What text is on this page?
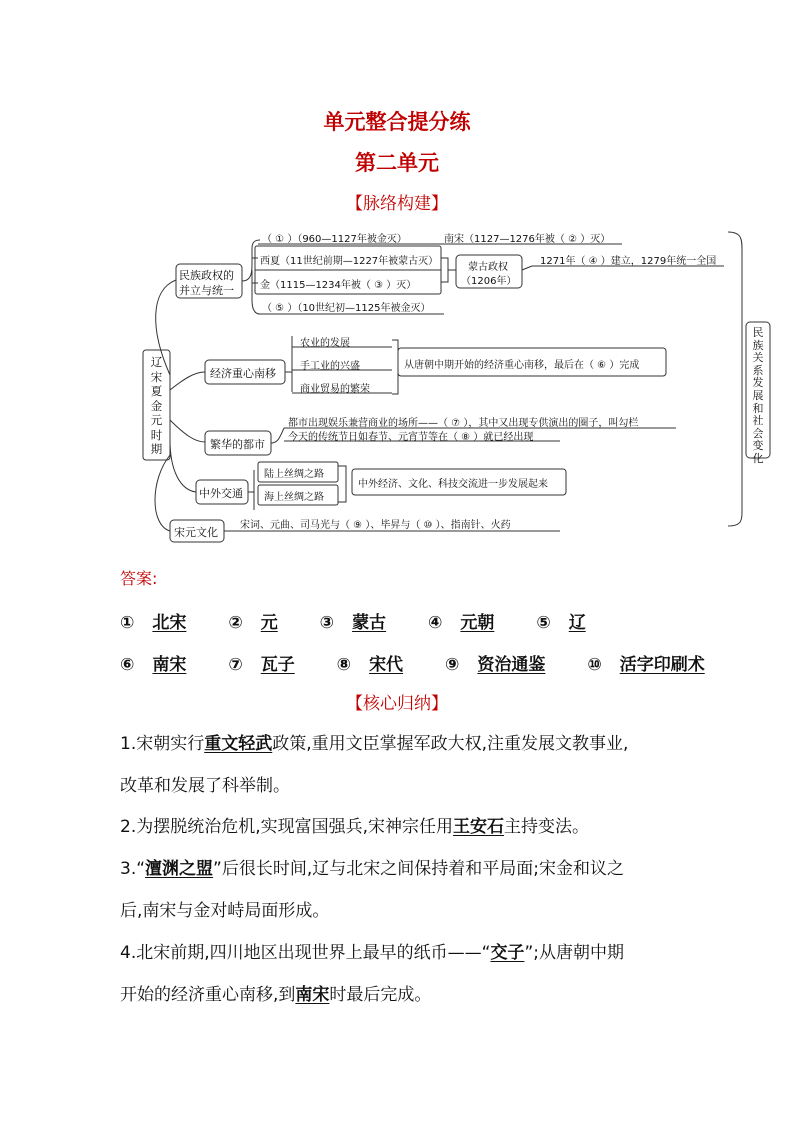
单元整合提分练
第二单元
【脉络构建】
辽宋夏金元时期
民族关系发展和社会变化
民族政权的
并立与统一
（ ① ）（960—1127年被金灭）	南宋（1127—1276年被（ ② ）灭）
西夏（11世纪前期—1227年被蒙古灭）
金（1115—1234年被（ ③ ）灭）
（ ⑤ ）（10世纪初—1125年被金灭）
蒙古政权
（1206年）
1271年（ ④ ）建立，1279年统一全国
经济重心南移
农业的发展
手工业的兴盛
商业贸易的繁荣
从唐朝中期开始的经济重心南移，最后在（ ⑥ ）完成
繁华的都市
都市出现娱乐兼营商业的场所——（ ⑦ ），其中又出现专供演出的圈子，叫勾栏
今天的传统节日如春节、元宵节等在（ ⑧ ）就已经出现
中外交通
陆上丝绸之路
海上丝绸之路
中外经济、文化、科技交流进一步发展起来
宋元文化
宋词、元曲、司马光与（ ⑨ ）、毕昇与（ ⑩ ）、指南针、火药
答案:
① 北宋 ② 元 ③ 蒙古 ④ 元朝 ⑤ 辽
⑥ 南宋 ⑦ 瓦子 ⑧ 宋代 ⑨ 资治通鉴 ⑩ 活字印刷术
【核心归纳】
1.宋朝实行重文轻武政策,重用文臣掌握军政大权,注重发展文教事业,
改革和发展了科举制。
2.为摆脱统治危机,实现富国强兵,宋神宗任用王安石主持变法。
3.“澶渊之盟”后很长时间,辽与北宋之间保持着和平局面;宋金和议之
后,南宋与金对峙局面形成。
4.北宋前期,四川地区出现世界上最早的纸币——“交子”;从唐朝中期
开始的经济重心南移,到南宋时最后完成。
